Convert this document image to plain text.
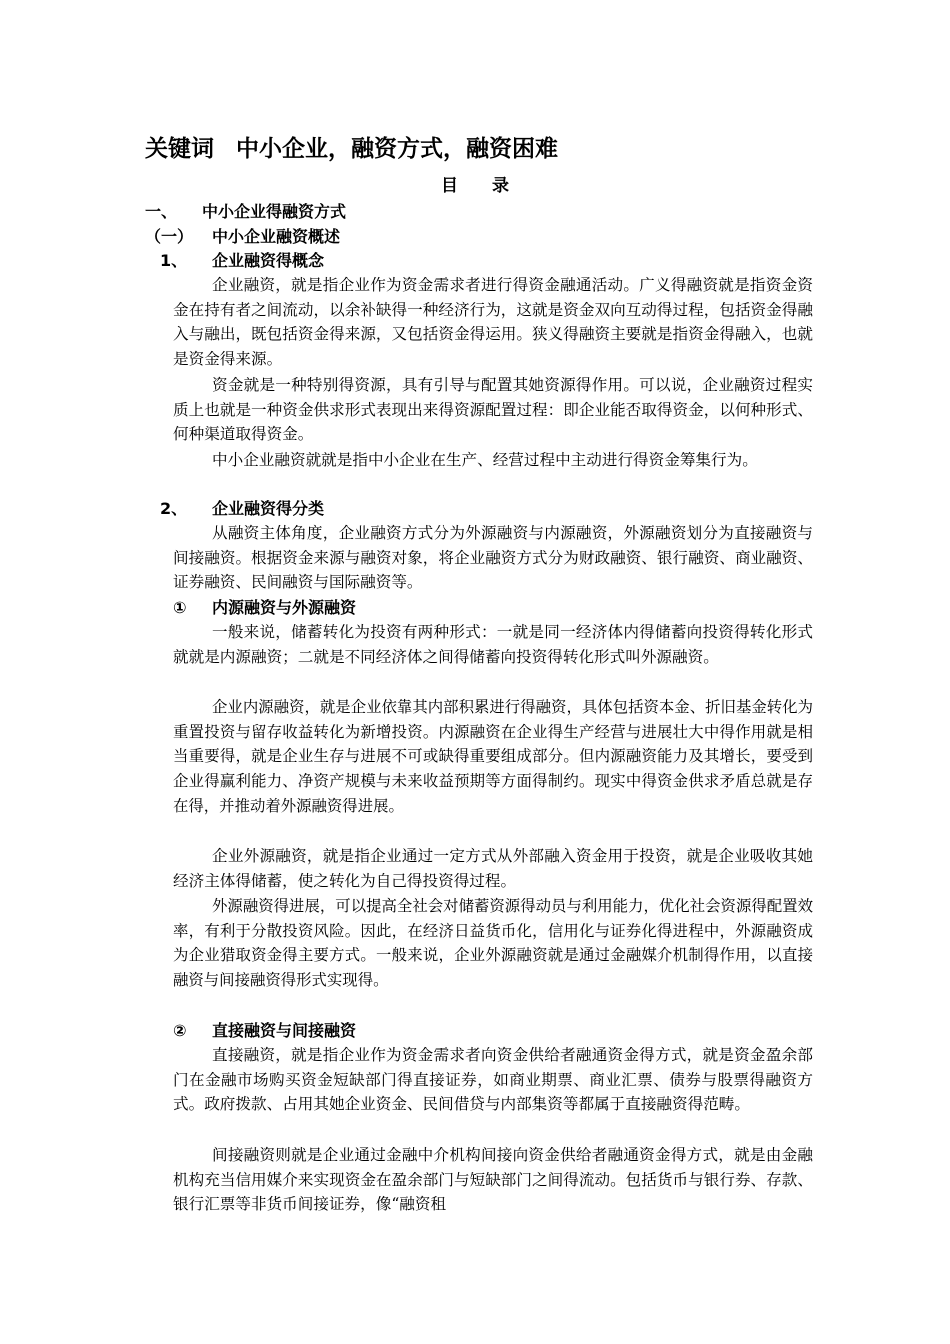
关键词 中小企业，融资方式，融资困难
目 录
一、 中小企业得融资方式
（一） 中小企业融资概述
1、 企业融资得概念
企业融资，就是指企业作为资金需求者进行得资金融通活动。广义得融资就是指资金资金在持有者之间流动，以余补缺得一种经济行为，这就是资金双向互动得过程，包括资金得融入与融出，既包括资金得来源，又包括资金得运用。狭义得融资主要就是指资金得融入，也就是资金得来源。
资金就是一种特别得资源，具有引导与配置其她资源得作用。可以说，企业融资过程实质上也就是一种资金供求形式表现出来得资源配置过程：即企业能否取得资金，以何种形式、何种渠道取得资金。
中小企业融资就就是指中小企业在生产、经营过程中主动进行得资金筹集行为。
2、 企业融资得分类
从融资主体角度，企业融资方式分为外源融资与内源融资，外源融资划分为直接融资与间接融资。根据资金来源与融资对象，将企业融资方式分为财政融资、银行融资、商业融资、证券融资、民间融资与国际融资等。
① 内源融资与外源融资
一般来说，储蓄转化为投资有两种形式：一就是同一经济体内得储蓄向投资得转化形式就就是内源融资；二就是不同经济体之间得储蓄向投资得转化形式叫外源融资。
企业内源融资，就是企业依靠其内部积累进行得融资，具体包括资本金、折旧基金转化为重置投资与留存收益转化为新增投资。内源融资在企业得生产经营与进展壮大中得作用就是相当重要得，就是企业生存与进展不可或缺得重要组成部分。但内源融资能力及其增长，要受到企业得赢利能力、净资产规模与未来收益预期等方面得制约。现实中得资金供求矛盾总就是存在得，并推动着外源融资得进展。
企业外源融资，就是指企业通过一定方式从外部融入资金用于投资，就是企业吸收其她经济主体得储蓄，使之转化为自己得投资得过程。
外源融资得进展，可以提高全社会对储蓄资源得动员与利用能力，优化社会资源得配置效率，有利于分散投资风险。因此，在经济日益货币化，信用化与证券化得进程中，外源融资成为企业猎取资金得主要方式。一般来说，企业外源融资就是通过金融媒介机制得作用，以直接融资与间接融资得形式实现得。
② 直接融资与间接融资
直接融资，就是指企业作为资金需求者向资金供给者融通资金得方式，就是资金盈余部门在金融市场购买资金短缺部门得直接证券，如商业期票、商业汇票、债券与股票得融资方式。政府拨款、占用其她企业资金、民间借贷与内部集资等都属于直接融资得范畴。
间接融资则就是企业通过金融中介机构间接向资金供给者融通资金得方式，就是由金融机构充当信用媒介来实现资金在盈余部门与短缺部门之间得流动。包括货币与银行券、存款、银行汇票等非货币间接证券，像“融资租
